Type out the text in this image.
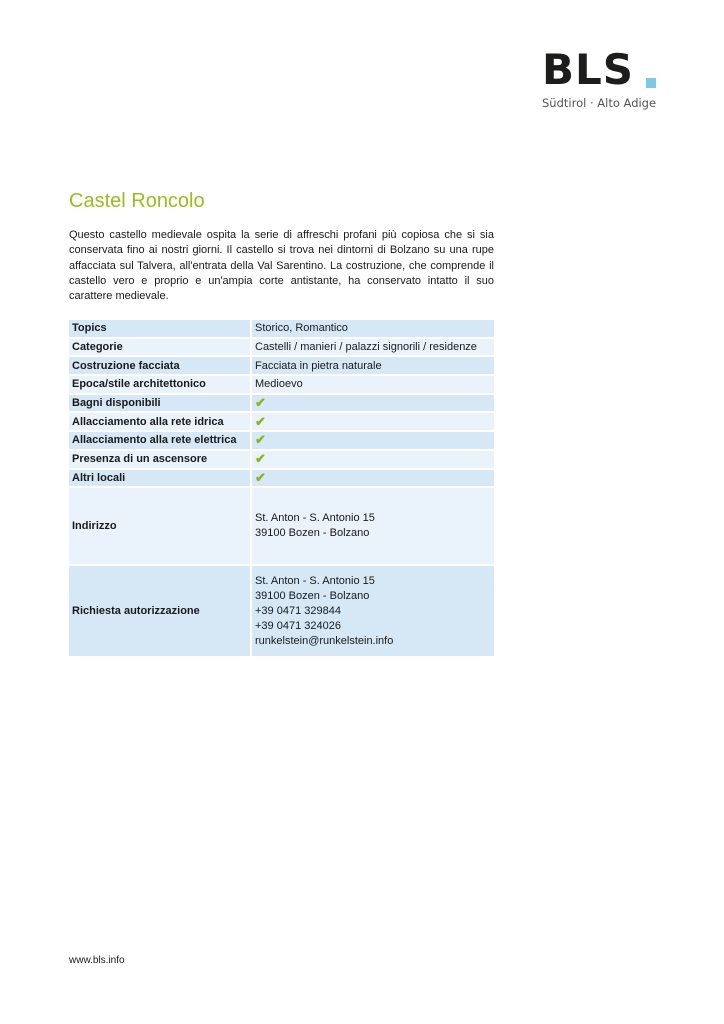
BLS
Südtirol · Alto Adige
Castel Roncolo

Questo castello medievale ospita la serie di affreschi profani più copiosa che si sia conservata fino ai nostri giorni. Il castello si trova nei dintorni di Bolzano su una rupe affacciata sul Talvera, all'entrata della Val Sarentino. La costruzione, che comprende il castello vero e proprio e un'ampia corte antistante, ha conservato intatto il suo carattere medievale.

Topics	Storico, Romantico
Categorie	Castelli / manieri / palazzi signorili / residenze
Costruzione facciata	Facciata in pietra naturale
Epoca/stile architettonico	Medioevo
Bagni disponibili	✔
Allacciamento alla rete idrica	✔
Allacciamento alla rete elettrica	✔
Presenza di un ascensore	✔
Altri locali	✔
Indirizzo	St. Anton - S. Antonio 15
39100 Bozen - Bolzano

Richiesta autorizzazione	St. Anton - S. Antonio 15
39100 Bozen - Bolzano
+39 0471 329844
+39 0471 324026
runkelstein@runkelstein.info
www.bls.info
